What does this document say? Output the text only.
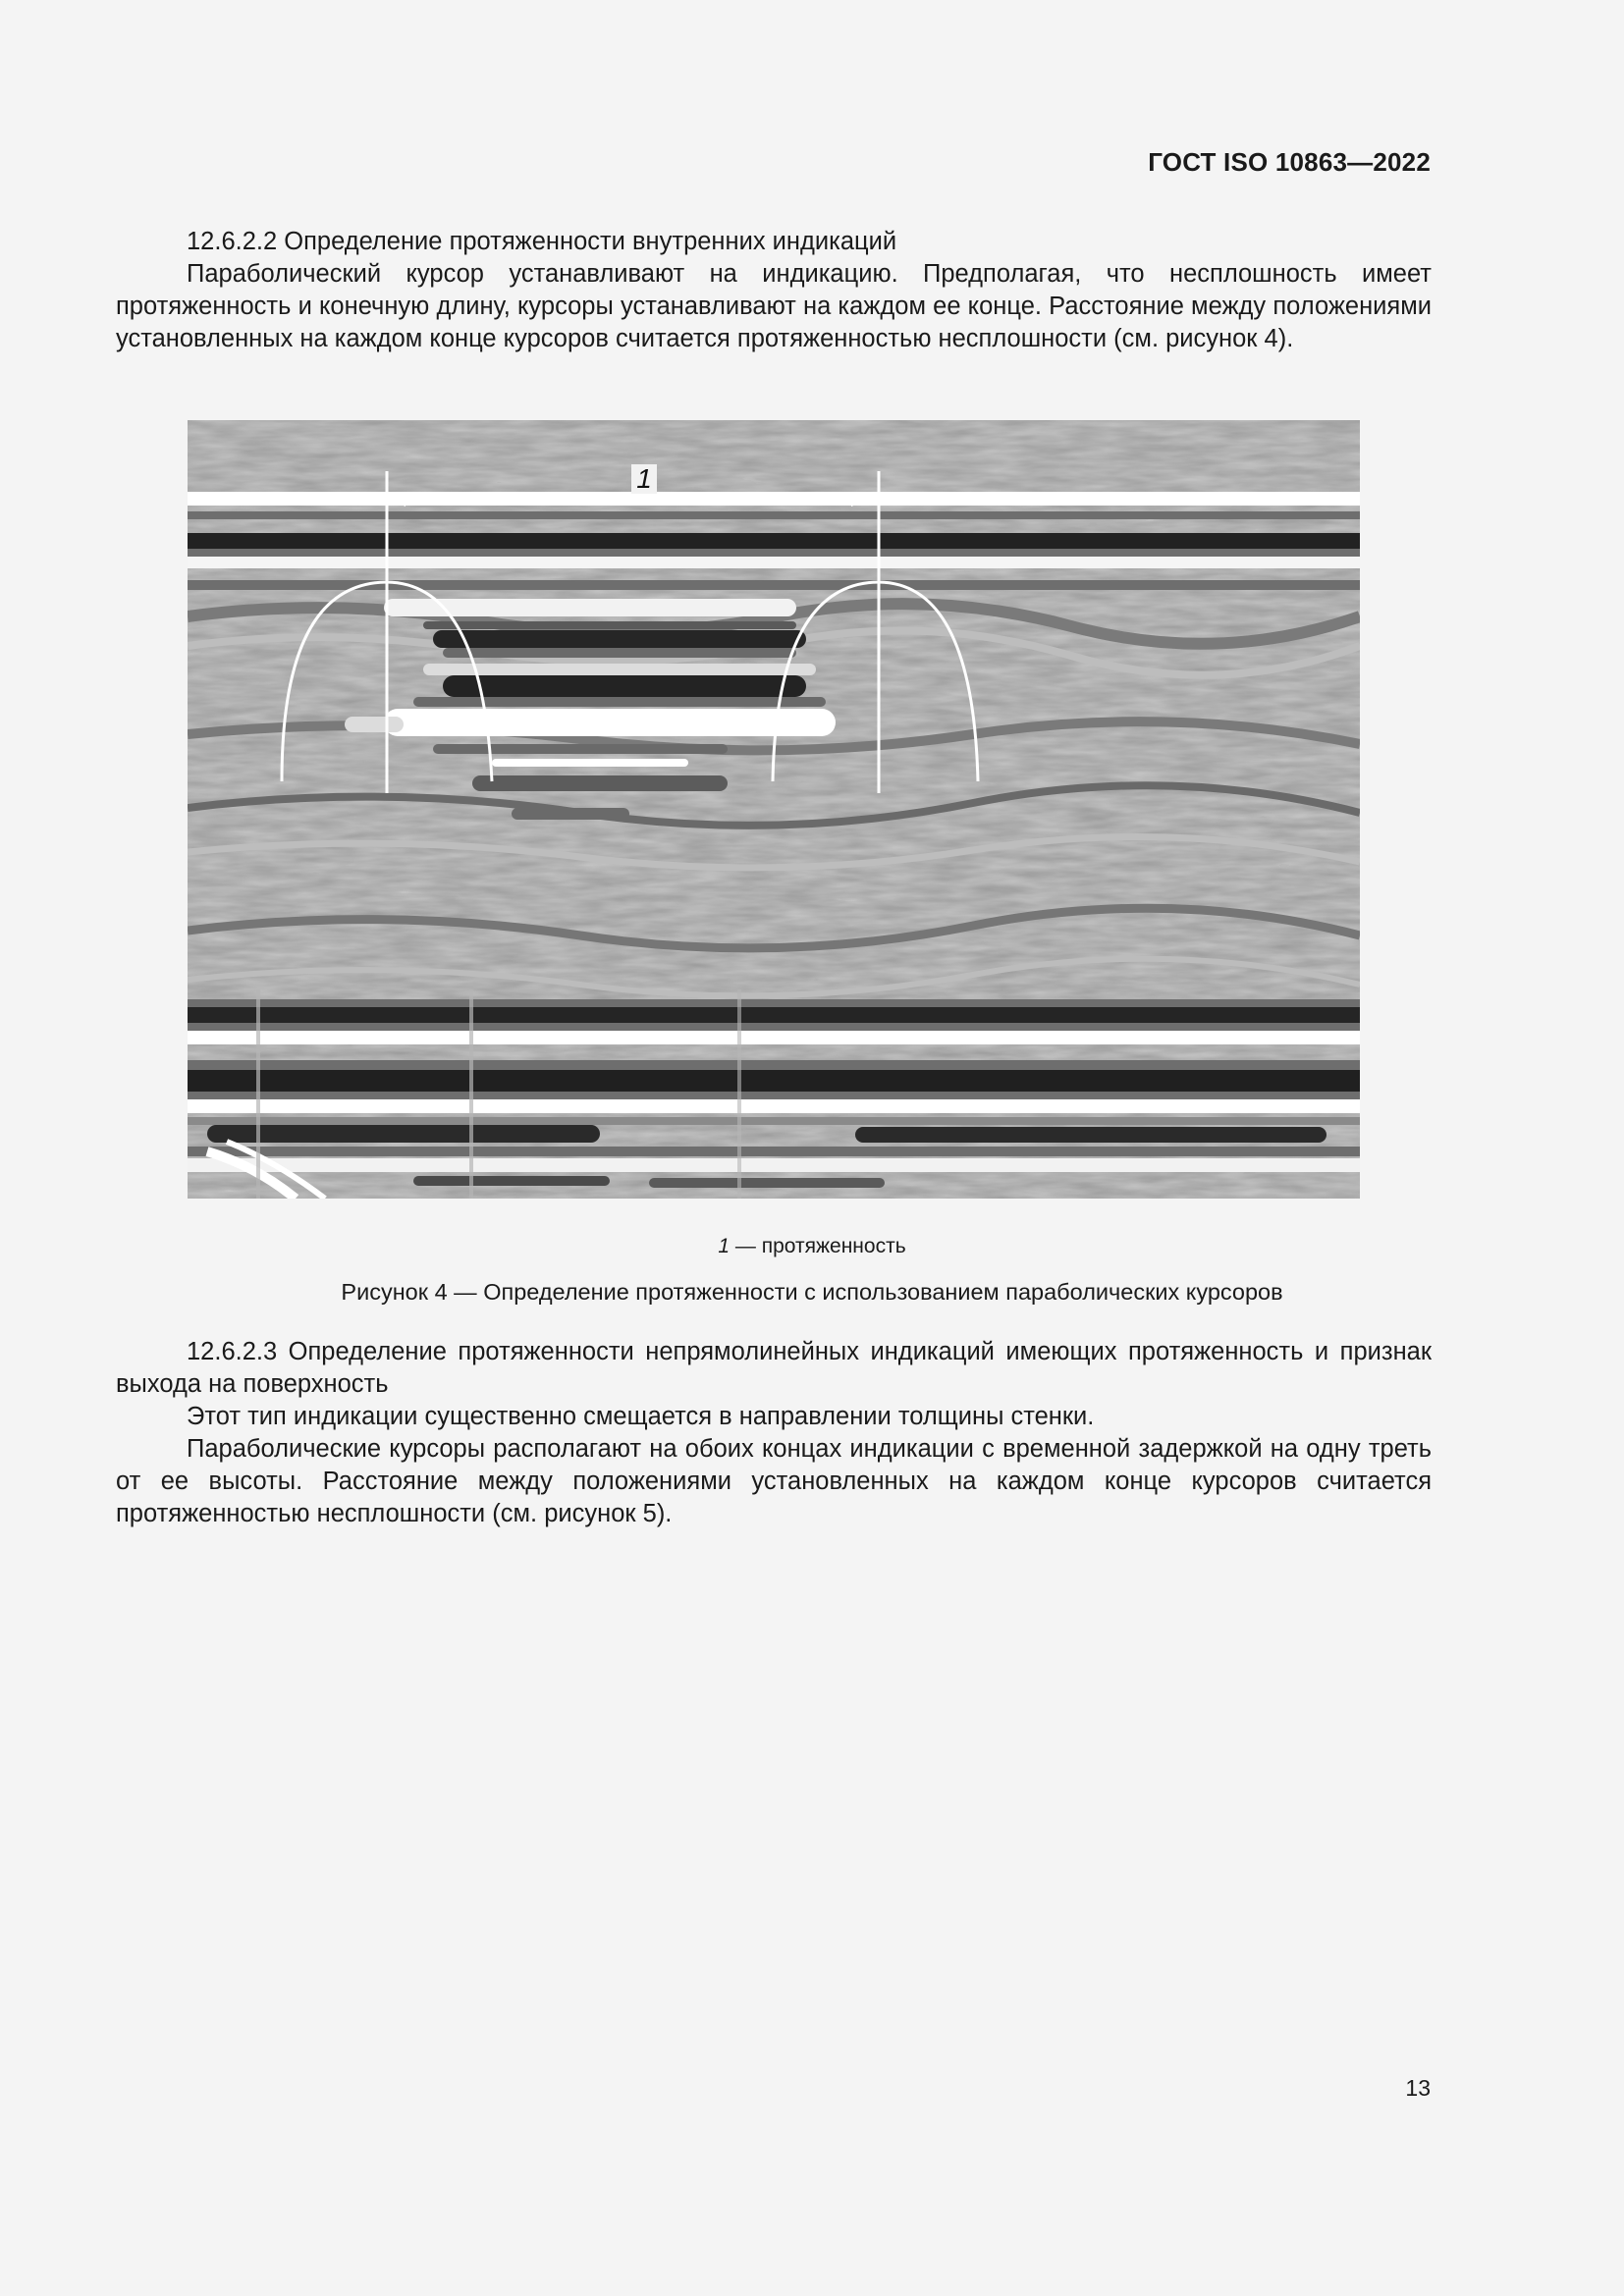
ГОСТ ISO 10863—2022

12.6.2.2 Определение протяженности внутренних индикаций

Параболический курсор устанавливают на индикацию. Предполагая, что несплошность имеет протяженность и конечную длину, курсоры устанавливают на каждом ее конце. Расстояние между положениями установленных на каждом конце курсоров считается протяженностью несплошности (см. рисунок 4).

1
1 — протяженность
Рисунок 4 — Определение протяженности с использованием параболических курсоров

12.6.2.3 Определение протяженности непрямолинейных индикаций имеющих протяженность и признак выхода на поверхность

Этот тип индикации существенно смещается в направлении толщины стенки.

Параболические курсоры располагают на обоих концах индикации с временной задержкой на одну треть от ее высоты. Расстояние между положениями установленных на каждом конце курсоров считается протяженностью несплошности (см. рисунок 5).

13
